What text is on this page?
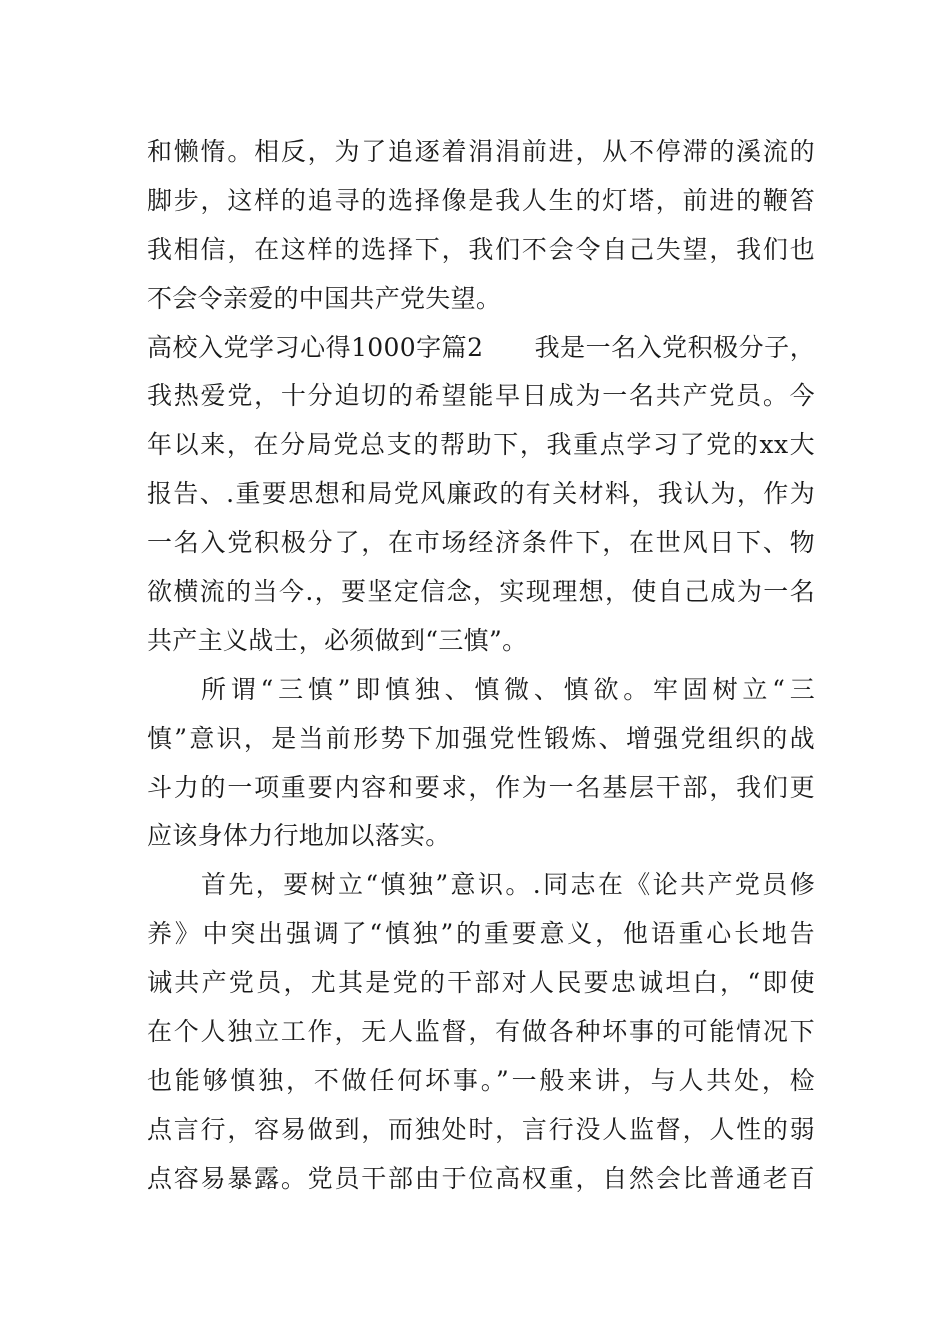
和懒惰。相反，为了追逐着涓涓前进，从不停滞的溪流的
脚步，这样的追寻的选择像是我人生的灯塔，前进的鞭笞
我相信，在这样的选择下，我们不会令自己失望，我们也
不会令亲爱的中国共产党失望。
高校入党学习心得1000字篇2　　我是一名入党积极分子，
我热爱党，十分迫切的希望能早日成为一名共产党员。今
年以来，在分局党总支的帮助下，我重点学习了党的xx大
报告、.重要思想和局党风廉政的有关材料，我认为，作为
一名入党积极分了，在市场经济条件下，在世风日下、物
欲横流的当今.，要坚定信念，实现理想，使自己成为一名
共产主义战士，必须做到“三慎”。
所谓“三慎”即慎独、慎微、慎欲。牢固树立“三
慎”意识，是当前形势下加强党性锻炼、增强党组织的战
斗力的一项重要内容和要求，作为一名基层干部，我们更
应该身体力行地加以落实。
首先，要树立“慎独”意识。.同志在《论共产党员修
养》中突出强调了“慎独”的重要意义，他语重心长地告
诫共产党员，尤其是党的干部对人民要忠诚坦白，“即使
在个人独立工作，无人监督，有做各种坏事的可能情况下
也能够慎独，不做任何坏事。”一般来讲，与人共处，检
点言行，容易做到，而独处时，言行没人监督，人性的弱
点容易暴露。党员干部由于位高权重，自然会比普通老百
